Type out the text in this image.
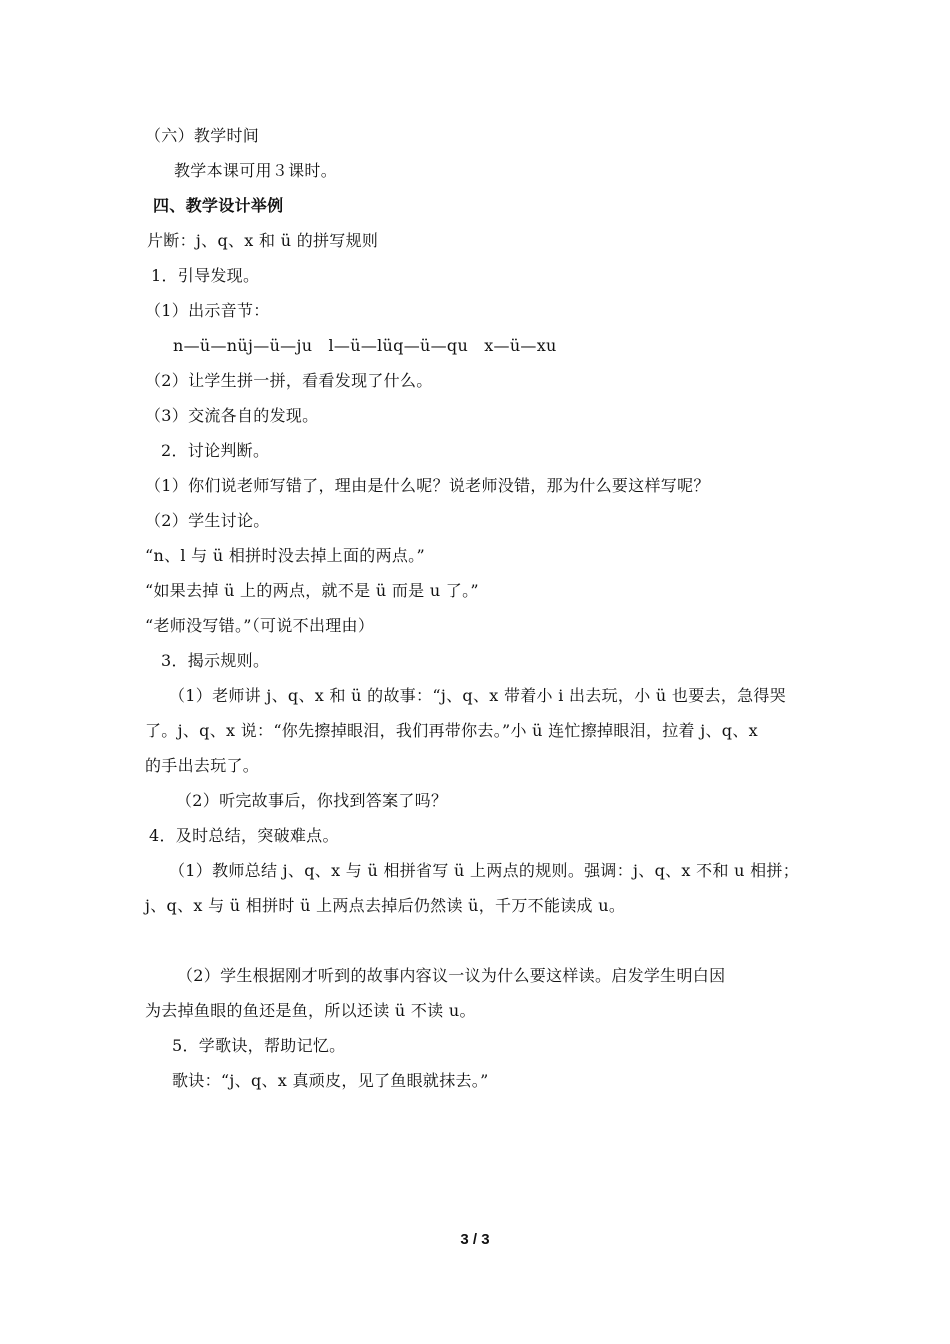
（六）教学时间
教学本课可用３课时。
四、教学设计举例
片断：j、q、x 和 ü 的拼写规则
1．引导发现。
（1）出示音节：
n—ü—nüj—ü—ju   l—ü—lüq—ü—qu   x—ü—xu
（2）让学生拼一拼，看看发现了什么。
（3）交流各自的发现。
2．讨论判断。
（1）你们说老师写错了，理由是什么呢？说老师没错，那为什么要这样写呢？
（2）学生讨论。
“n、l 与 ü 相拼时没去掉上面的两点。”
“如果去掉 ü 上的两点，就不是 ü 而是 u 了。”
“老师没写错。”（可说不出理由）
3．揭示规则。
（1）老师讲 j、q、x 和 ü 的故事：“j、q、x 带着小 i 出去玩，小 ü 也要去，急得哭
了。j、q、x 说：“你先擦掉眼泪，我们再带你去。”小 ü 连忙擦掉眼泪，拉着 j、q、x
的手出去玩了。
（2）听完故事后，你找到答案了吗？
4．及时总结，突破难点。
（1）教师总结 j、q、x 与 ü 相拼省写 ü 上两点的规则。强调：j、q、x 不和 u 相拼；
j、q、x 与 ü 相拼时 ü 上两点去掉后仍然读 ü，千万不能读成 u。
（2）学生根据刚才听到的故事内容议一议为什么要这样读。启发学生明白因
为去掉鱼眼的鱼还是鱼，所以还读 ü 不读 u。
5．学歌诀，帮助记忆。
歌诀：“j、q、x 真顽皮，见了鱼眼就抹去。”
3 / 3
